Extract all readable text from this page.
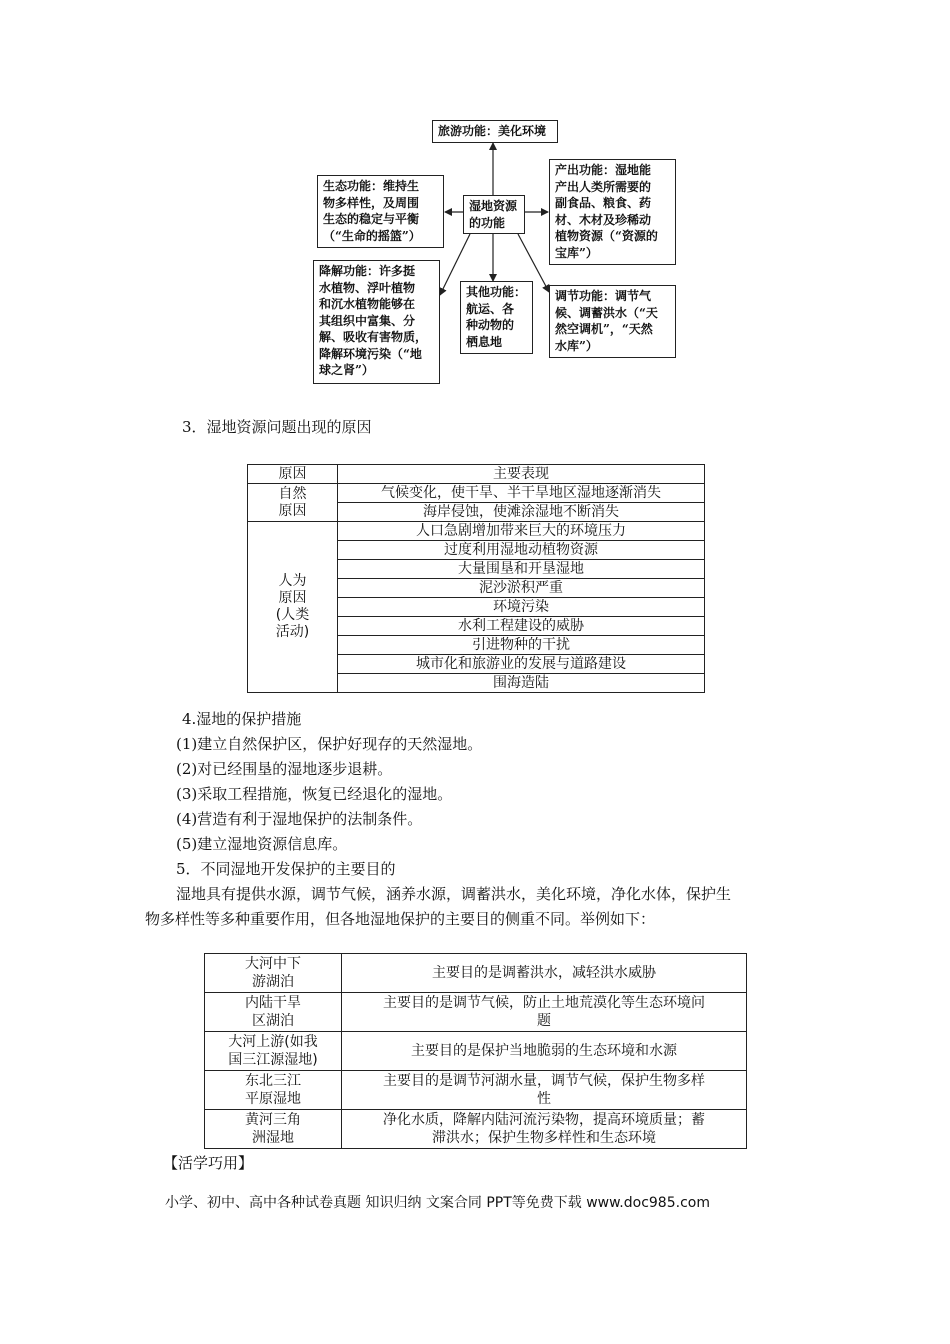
旅游功能：美化环境
生态功能：维持生
物多样性，及周围
生态的稳定与平衡
（“生命的摇篮”）
湿地资源
的功能
产出功能：湿地能
产出人类所需要的
副食品、粮食、药
材、木材及珍稀动
植物资源（“资源的
宝库”）
降解功能：许多挺
水植物、浮叶植物
和沉水植物能够在
其组织中富集、分
解、吸收有害物质，
降解环境污染（“地
球之肾”）
其他功能：
航运、各
种动物的
栖息地
调节功能：调节气
候、调蓄洪水（“天
然空调机”，“天然
水库”）
3．湿地资源问题出现的原因
原因	主要表现
自然
原因	气候变化，使干旱、半干旱地区湿地逐渐消失
	海岸侵蚀，使滩涂湿地不断消失
人为
原因
(人类
活动)	人口急剧增加带来巨大的环境压力
	过度利用湿地动植物资源
	大量围垦和开垦湿地
	泥沙淤积严重
	环境污染
	水利工程建设的威胁
	引进物种的干扰
	城市化和旅游业的发展与道路建设
	围海造陆
4.湿地的保护措施
(1)建立自然保护区，保护好现存的天然湿地。
(2)对已经围垦的湿地逐步退耕。
(3)采取工程措施，恢复已经退化的湿地。
(4)营造有利于湿地保护的法制条件。
(5)建立湿地资源信息库。
5．不同湿地开发保护的主要目的
湿地具有提供水源，调节气候，涵养水源，调蓄洪水，美化环境，净化水体，保护生
物多样性等多种重要作用，但各地湿地保护的主要目的侧重不同。举例如下：
大河中下
游湖泊	主要目的是调蓄洪水，减轻洪水威胁
内陆干旱
区湖泊	主要目的是调节气候，防止土地荒漠化等生态环境问
题
大河上游(如我
国三江源湿地)	主要目的是保护当地脆弱的生态环境和水源
东北三江
平原湿地	主要目的是调节河湖水量，调节气候，保护生物多样
性
黄河三角
洲湿地	净化水质，降解内陆河流污染物，提高环境质量；蓄
滞洪水；保护生物多样性和生态环境
【活学巧用】
小学、初中、高中各种试卷真题 知识归纳 文案合同 PPT等免费下载 www.doc985.com
